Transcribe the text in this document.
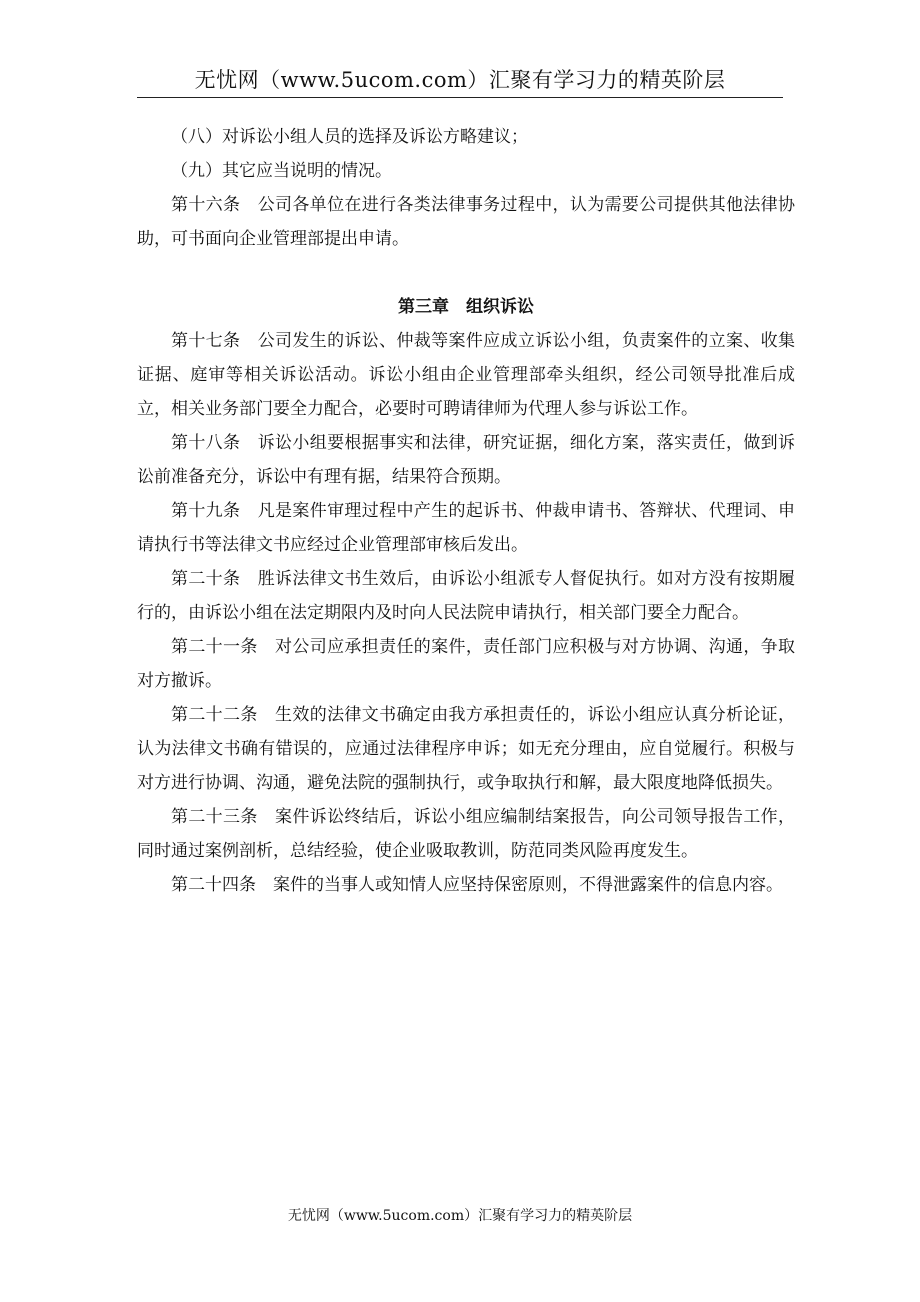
无忧网（www.5ucom.com）汇聚有学习力的精英阶层

（八）对诉讼小组人员的选择及诉讼方略建议；

（九）其它应当说明的情况。

第十六条　公司各单位在进行各类法律事务过程中，认为需要公司提供其他法律协助，可书面向企业管理部提出申请。

第三章　组织诉讼

第十七条　公司发生的诉讼、仲裁等案件应成立诉讼小组，负责案件的立案、收集证据、庭审等相关诉讼活动。诉讼小组由企业管理部牵头组织，经公司领导批准后成立，相关业务部门要全力配合，必要时可聘请律师为代理人参与诉讼工作。

第十八条　诉讼小组要根据事实和法律，研究证据，细化方案，落实责任，做到诉讼前准备充分，诉讼中有理有据，结果符合预期。

第十九条　凡是案件审理过程中产生的起诉书、仲裁申请书、答辩状、代理词、申请执行书等法律文书应经过企业管理部审核后发出。

第二十条　胜诉法律文书生效后，由诉讼小组派专人督促执行。如对方没有按期履行的，由诉讼小组在法定期限内及时向人民法院申请执行，相关部门要全力配合。

第二十一条　对公司应承担责任的案件，责任部门应积极与对方协调、沟通，争取对方撤诉。

第二十二条　生效的法律文书确定由我方承担责任的，诉讼小组应认真分析论证，认为法律文书确有错误的，应通过法律程序申诉；如无充分理由，应自觉履行。积极与对方进行协调、沟通，避免法院的强制执行，或争取执行和解，最大限度地降低损失。

第二十三条　案件诉讼终结后，诉讼小组应编制结案报告，向公司领导报告工作，同时通过案例剖析，总结经验，使企业吸取教训，防范同类风险再度发生。

第二十四条　案件的当事人或知情人应坚持保密原则，不得泄露案件的信息内容。

无忧网（www.5ucom.com）汇聚有学习力的精英阶层
